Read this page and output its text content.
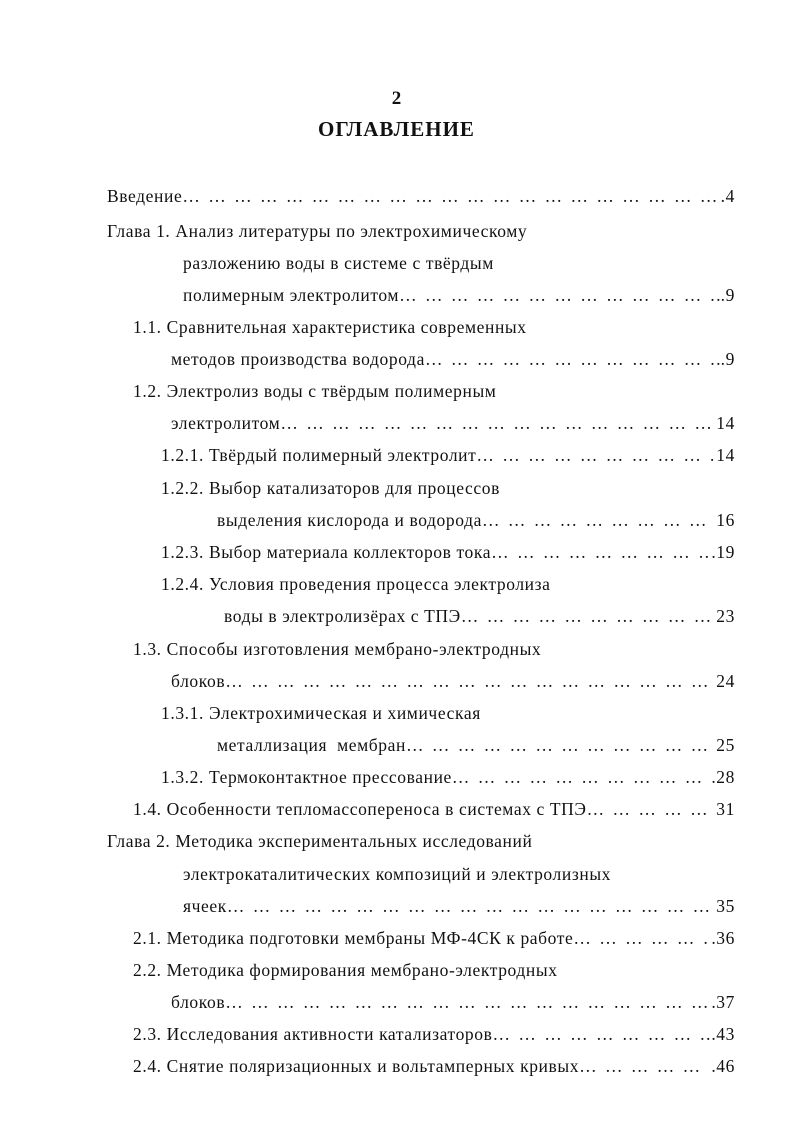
2
ОГЛАВЛЕНИЕ
Введение … … … … … … … … … … … … … … … … … … … … … … … … … … … … … … … … … … … … … … … … … … …	.4
Глава 1. Анализ литературы по электрохимическому
разложению воды в системе с твёрдым
полимерным электролитом … … … … … … … … … … … … … … … … … … … … … … … … … … … … … … … … … … … … … … … … … … …	.9
1.1. Сравнительная характеристика современных
методов производства водорода … … … … … … … … … … … … … … … … … … … … … … … … … … … … … … … … … … … … … … … … … … …	.9
1.2. Электролиз воды с твёрдым полимерным
электролитом … … … … … … … … … … … … … … … … … … … … … … … … … … … … … … … … … … … … … … … … … … …	14
1.2.1. Твёрдый полимерный электролит … … … … … … … … … … … … … … … … … … … … … … … … … … … … … … … … … … … … … … … … … … …	14
1.2.2. Выбор катализаторов для процессов
выделения кислорода и водорода … … … … … … … … … … … … … … … … … … … … … … … … … … … … … … … … … … … … … … … … … … …	16
1.2.3. Выбор материала коллекторов тока … … … … … … … … … … … … … … … … … … … … … … … … … … … … … … … … … … … … … … … … … … …	.19
1.2.4. Условия проведения процесса электролиза
воды в электролизёрах с ТПЭ … … … … … … … … … … … … … … … … … … … … … … … … … … … … … … … … … … … … … … … … … … …	23
1.3. Способы изготовления мембрано-электродных
блоков … … … … … … … … … … … … … … … … … … … … … … … … … … … … … … … … … … … … … … … … … … …	24
1.3.1. Электрохимическая и химическая
металлизация  мембран … … … … … … … … … … … … … … … … … … … … … … … … … … … … … … … … … … … … … … … … … … …	25
1.3.2. Термоконтактное прессование … … … … … … … … … … … … … … … … … … … … … … … … … … … … … … … … … … … … … … … … … … …	.28
1.4. Особенности тепломассопереноса в системах с ТПЭ … … … … … … … … … … … … … … … … … … … … … … … … … … … … … … … … … … … … … … … … … … …	31
Глава 2. Методика экспериментальных исследований
электрокаталитических композиций и электролизных
ячеек … … … … … … … … … … … … … … … … … … … … … … … … … … … … … … … … … … … … … … … … … … …	35
2.1. Методика подготовки мембраны МФ-4СК к работе … … … … … … … … … … … … … … … … … … … … … … … … … … … … … … … … … … … … … … … … … … …	.36
2.2. Методика формирования мембрано-электродных
блоков … … … … … … … … … … … … … … … … … … … … … … … … … … … … … … … … … … … … … … … … … … …	.37
2.3. Исследования активности катализаторов … … … … … … … … … … … … … … … … … … … … … … … … … … … … … … … … … … … … … … … … … … …	.43
2.4. Снятие поляризационных и вольтамперных кривых … … … … … … … … … … … … … … … … … … … … … … … … … … … … … … … … … … … … … … … … … … …	.46
